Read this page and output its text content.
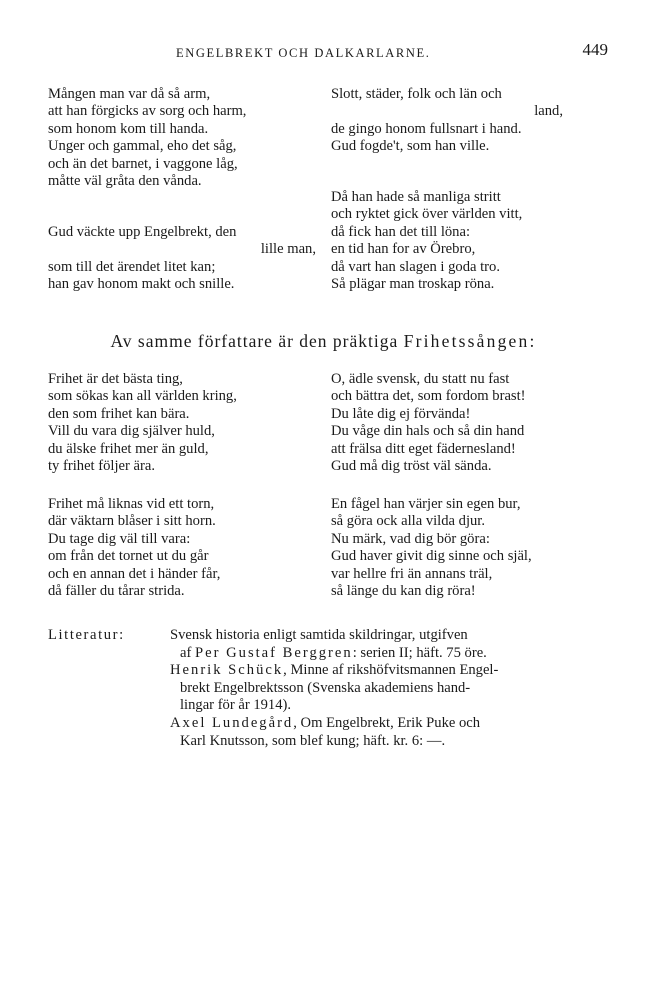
ENGELBREKT OCH DALKARLARNE.	449
Mången man var då så arm,
att han förgicks av sorg och harm,
som honom kom till handa.
Unger och gammal, eho det såg,
och än det barnet, i vaggone låg,
måtte väl gråta den vånda.
Gud väckte upp Engelbrekt, den
lille man,
som till det ärendet litet kan;
han gav honom makt och snille.
Slott, städer, folk och län och
land,
de gingo honom fullsnart i hand.
Gud fogde't, som han ville.
Då han hade så manliga stritt
och ryktet gick över världen vitt,
då fick han det till löna:
en tid han for av Örebro,
då vart han slagen i goda tro.
Så plägar man troskap röna.
Av samme författare är den präktiga Frihetssången:
Frihet är det bästa ting,
som sökas kan all världen kring,
den som frihet kan bära.
Vill du vara dig själver huld,
du älske frihet mer än guld,
ty frihet följer ära.
O, ädle svensk, du statt nu fast
och bättra det, som fordom brast!
Du låte dig ej förvända!
Du våge din hals och så din hand
att frälsa ditt eget fädernesland!
Gud må dig tröst väl sända.
Frihet må liknas vid ett torn,
där väktarn blåser i sitt horn.
Du tage dig väl till vara:
om från det tornet ut du går
och en annan det i händer får,
då fäller du tårar strida.
En fågel han värjer sin egen bur,
så göra ock alla vilda djur.
Nu märk, vad dig bör göra:
Gud haver givit dig sinne och själ,
var hellre fri än annans träl,
så länge du kan dig röra!
Litteratur:	Svensk historia enligt samtida skildringar, utgifven
af Per Gustaf Berggren: serien II; häft. 75 öre.
Henrik Schück, Minne af rikshöfvitsmannen Engel-
brekt Engelbrektsson (Svenska akademiens hand-
lingar för år 1914).
Axel Lundegård, Om Engelbrekt, Erik Puke och
Karl Knutsson, som blef kung; häft. kr. 6: —.
